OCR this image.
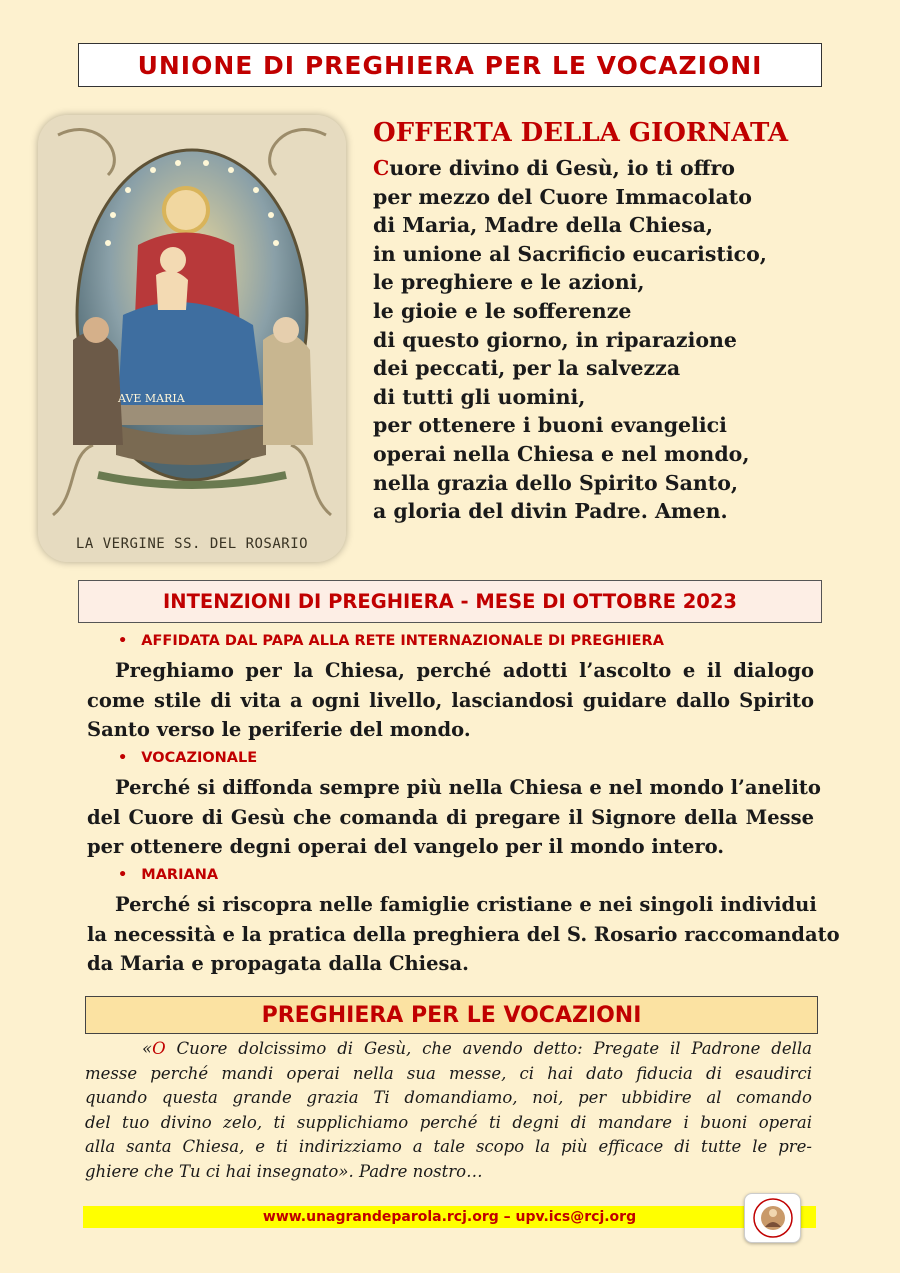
UNIONE DI PREGHIERA PER LE VOCAZIONI
AVE MARIA
LA VERGINE SS. DEL ROSARIO
OFFERTA DELLA GIORNATA
Cuore divino di Gesù, io ti offro
per mezzo del Cuore Immacolato
di Maria, Madre della Chiesa,
in unione al Sacrificio eucaristico,
le preghiere e le azioni,
le gioie e le sofferenze
di questo giorno, in riparazione
dei peccati, per la salvezza
di tutti gli uomini,
per ottenere i buoni evangelici
operai nella Chiesa e nel mondo,
nella grazia dello Spirito Santo,
a gloria del divin Padre. Amen.
INTENZIONI DI PREGHIERA - MESE DI OTTOBRE 2023
• AFFIDATA DAL PAPA ALLA RETE INTERNAZIONALE DI PREGHIERA
Preghiamo per la Chiesa, perché adotti l’ascolto e il dialogo
come stile di vita a ogni livello, lasciandosi guidare dallo Spirito
Santo verso le periferie del mondo.
• VOCAZIONALE
Perché si diffonda sempre più nella Chiesa e nel mondo l’anelito
del Cuore di Gesù che comanda di pregare il Signore della Messe
per ottenere degni operai del vangelo per il mondo intero.
• MARIANA
Perché si riscopra nelle famiglie cristiane e nei singoli individui
la necessità e la pratica della preghiera del S. Rosario raccomandato
da Maria e propagata dalla Chiesa.
PREGHIERA PER LE VOCAZIONI
«O Cuore dolcissimo di Gesù, che avendo detto: Pregate il Padrone della
messe perché mandi operai nella sua messe, ci hai dato fiducia di esaudirci
quando questa grande grazia Ti domandiamo, noi, per ubbidire al comando
del tuo divino zelo, ti supplichiamo perché ti degni di mandare i buoni operai
alla santa Chiesa, e ti indirizziamo a tale scopo la più efficace di tutte le pre-
ghiere che Tu ci hai insegnato». Padre nostro…
www.unagrandeparola.rcj.org – upv.ics@rcj.org
